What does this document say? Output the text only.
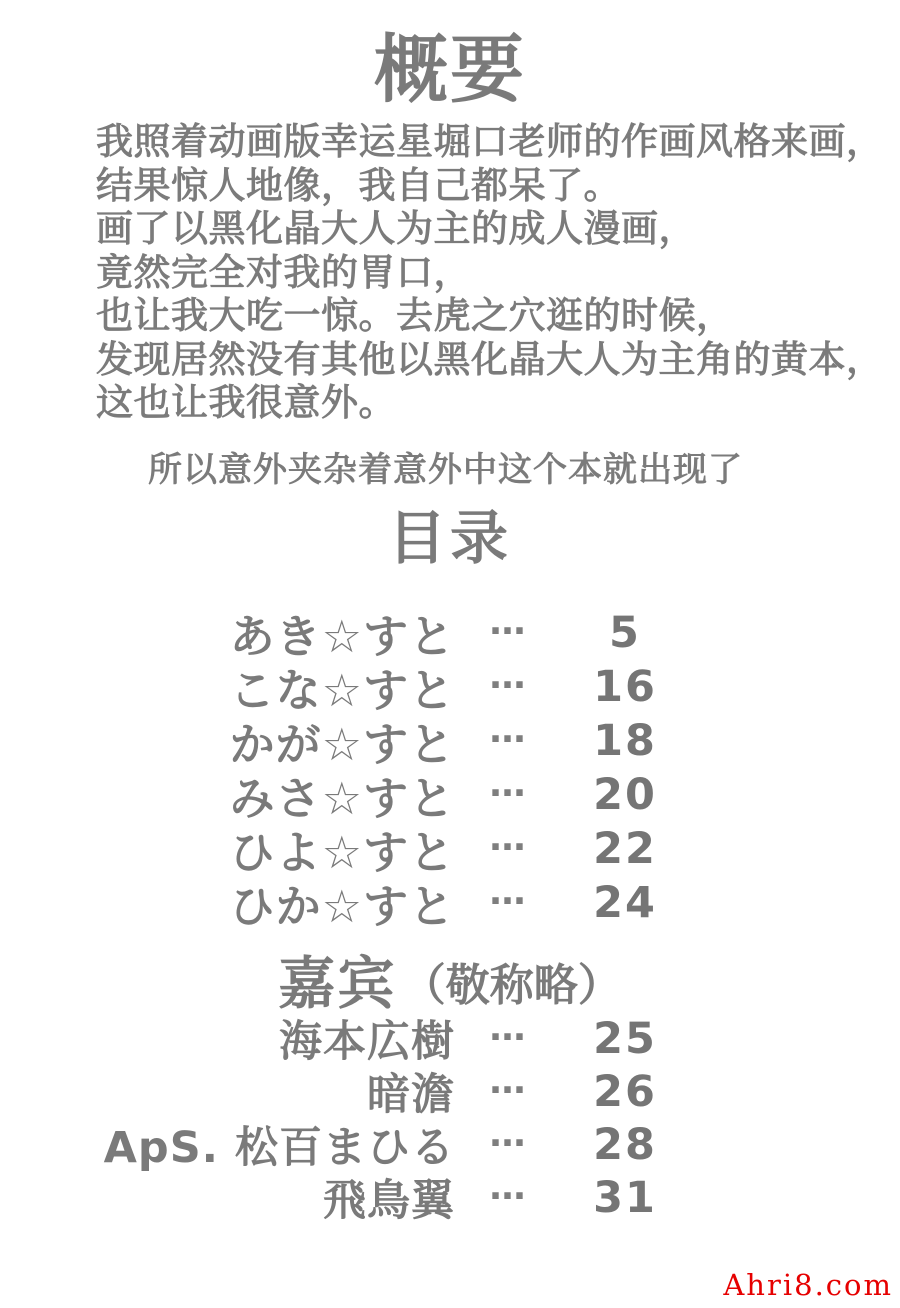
概要
我照着动画版幸运星堀口老师的作画风格来画，
结果惊人地像，我自己都呆了。
画了以黑化晶大人为主的成人漫画，
竟然完全对我的胃口，
也让我大吃一惊。去虎之穴逛的时候，
发现居然没有其他以黑化晶大人为主角的黄本，
这也让我很意外。
所以意外夹杂着意外中这个本就出现了
目录
あき☆すと …	5
こな☆すと …	16
かが☆すと …	18
みさ☆すと …	20
ひよ☆すと …	22
ひか☆すと …	24
嘉宾 （敬称略）
海本広樹 …	25
暗澹 …	26
ApS. 松百まひる …	28
飛鳥翼 …	31
Ahri8.com
